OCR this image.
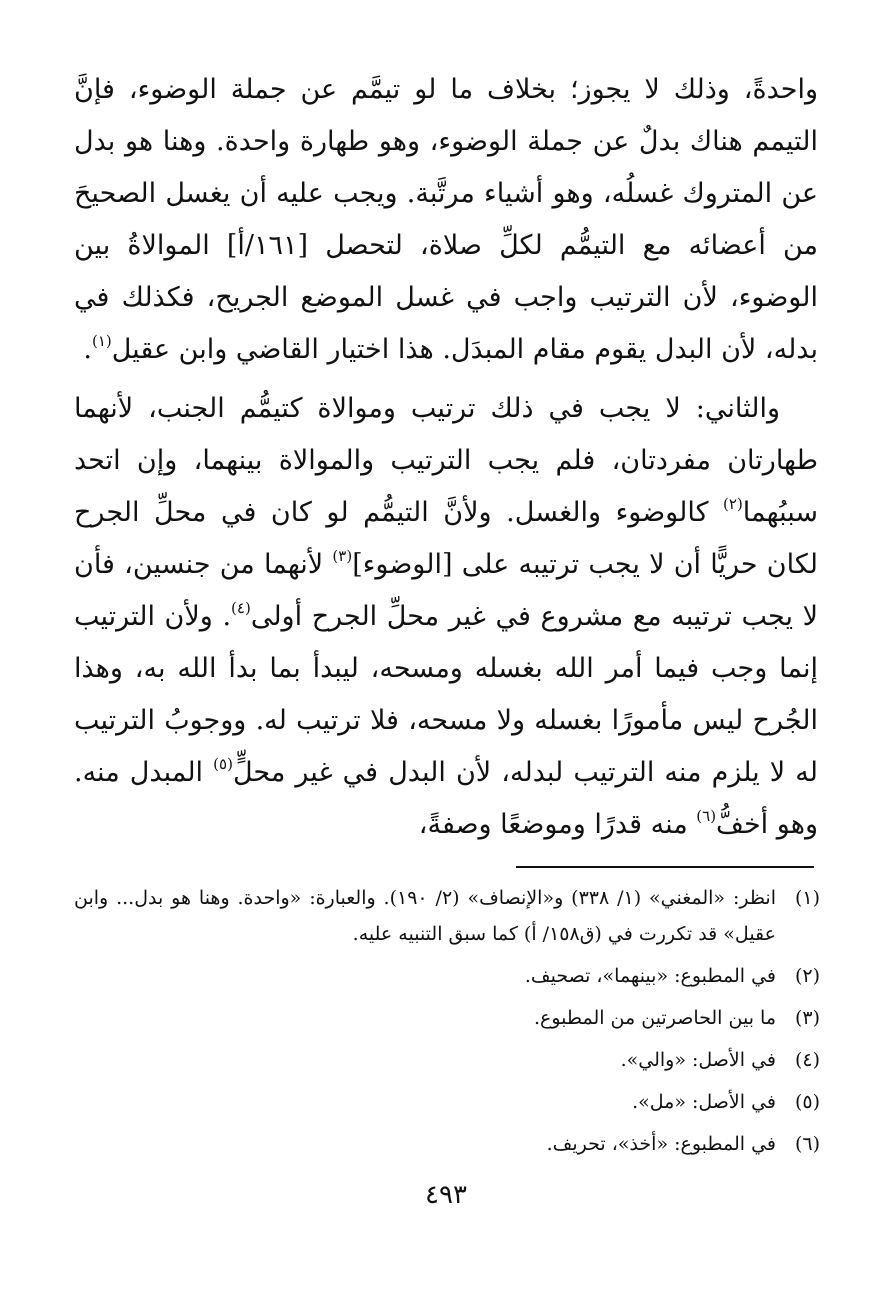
واحدةً، وذلك لا يجوز؛ بخلاف ما لو تيمَّم عن جملة الوضوء، فإنَّ التيمم هناك بدلٌ عن جملة الوضوء، وهو طهارة واحدة. وهنا هو بدل عن المتروك غسلُه، وهو أشياء مرتَّبة. ويجب عليه أن يغسل الصحيحَ من أعضائه مع التيمُّم لكلِّ صلاة، لتحصل [١٦١/أ] الموالاةُ بين الوضوء، لأن الترتيب واجب في غسل الموضع الجريح، فكذلك في بدله، لأن البدل يقوم مقام المبدَل. هذا اختيار القاضي وابن عقيل$^{(١)}$.

والثاني: لا يجب في ذلك ترتيب وموالاة كتيمُّم الجنب، لأنهما طهارتان مفردتان، فلم يجب الترتيب والموالاة بينهما، وإن اتحد سببُهما$^{(٢)}$ كالوضوء والغسل. ولأنَّ التيمُّم لو كان في محلِّ الجرح لكان حريًّا أن لا يجب ترتيبه على [الوضوء]$^{(٣)}$ لأنهما من جنسين، فأن لا يجب ترتيبه مع مشروع في غير محلِّ الجرح أولى$^{(٤)}$. ولأن الترتيب إنما وجب فيما أمر الله بغسله ومسحه، ليبدأ بما بدأ الله به، وهذا الجُرح ليس مأمورًا بغسله ولا مسحه، فلا ترتيب له. ووجوبُ الترتيب له لا يلزم منه الترتيب لبدله، لأن البدل في غير محلٍّ$^{(٥)}$ المبدل منه. وهو أخفُّ$^{(٦)}$ منه قدرًا وموضعًا وصفةً،

(١)
انظر: «المغني» (١/ ٣٣٨) و«الإنصاف» (٢/ ١٩٠). والعبارة: «واحدة. وهنا هو بدل... وابن عقيل» قد تكررت في (ق١٥٨/ أ) كما سبق التنبيه عليه.
(٢)
في المطبوع: «بينهما»، تصحيف.
(٣)
ما بين الحاصرتين من المطبوع.
(٤)
في الأصل: «والي».
(٥)
في الأصل: «مل».
(٦)
في المطبوع: «أخذ»، تحريف.
٤٩٣
